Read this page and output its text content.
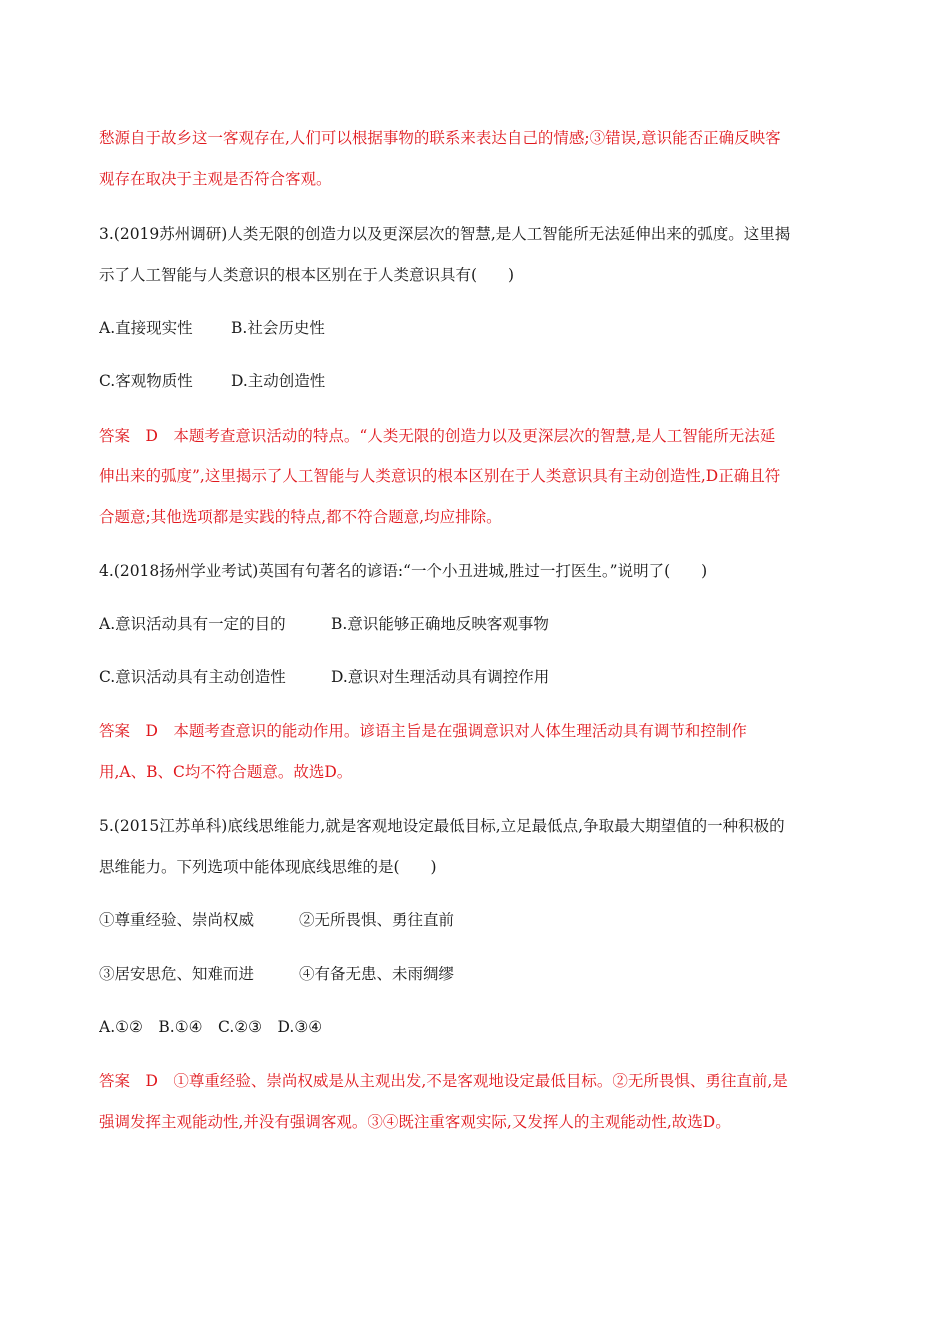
愁源自于故乡这一客观存在,人们可以根据事物的联系来表达自己的情感;③错误,意识能否正确反映客
观存在取决于主观是否符合客观。
3.(2019苏州调研)人类无限的创造力以及更深层次的智慧,是人工智能所无法延伸出来的弧度。这里揭
示了人工智能与人类意识的根本区别在于人类意识具有(　　)
A.直接现实性 B.社会历史性
C.客观物质性 D.主动创造性
答案　D　本题考查意识活动的特点。“人类无限的创造力以及更深层次的智慧,是人工智能所无法延
伸出来的弧度”,这里揭示了人工智能与人类意识的根本区别在于人类意识具有主动创造性,D正确且符
合题意;其他选项都是实践的特点,都不符合题意,均应排除。
4.(2018扬州学业考试)英国有句著名的谚语:“一个小丑进城,胜过一打医生。”说明了(　　)
A.意识活动具有一定的目的	B.意识能够正确地反映客观事物
C.意识活动具有主动创造性	D.意识对生理活动具有调控作用
答案　D　本题考查意识的能动作用。谚语主旨是在强调意识对人体生理活动具有调节和控制作
用,A、B、C均不符合题意。故选D。
5.(2015江苏单科)底线思维能力,就是客观地设定最低目标,立足最低点,争取最大期望值的一种积极的
思维能力。下列选项中能体现底线思维的是(　　)
①尊重经验、崇尚权威	②无所畏惧、勇往直前
③居安思危、知难而进	④有备无患、未雨绸缪
A.①②　B.①④　C.②③　D.③④
答案　D　①尊重经验、崇尚权威是从主观出发,不是客观地设定最低目标。②无所畏惧、勇往直前,是
强调发挥主观能动性,并没有强调客观。③④既注重客观实际,又发挥人的主观能动性,故选D。
